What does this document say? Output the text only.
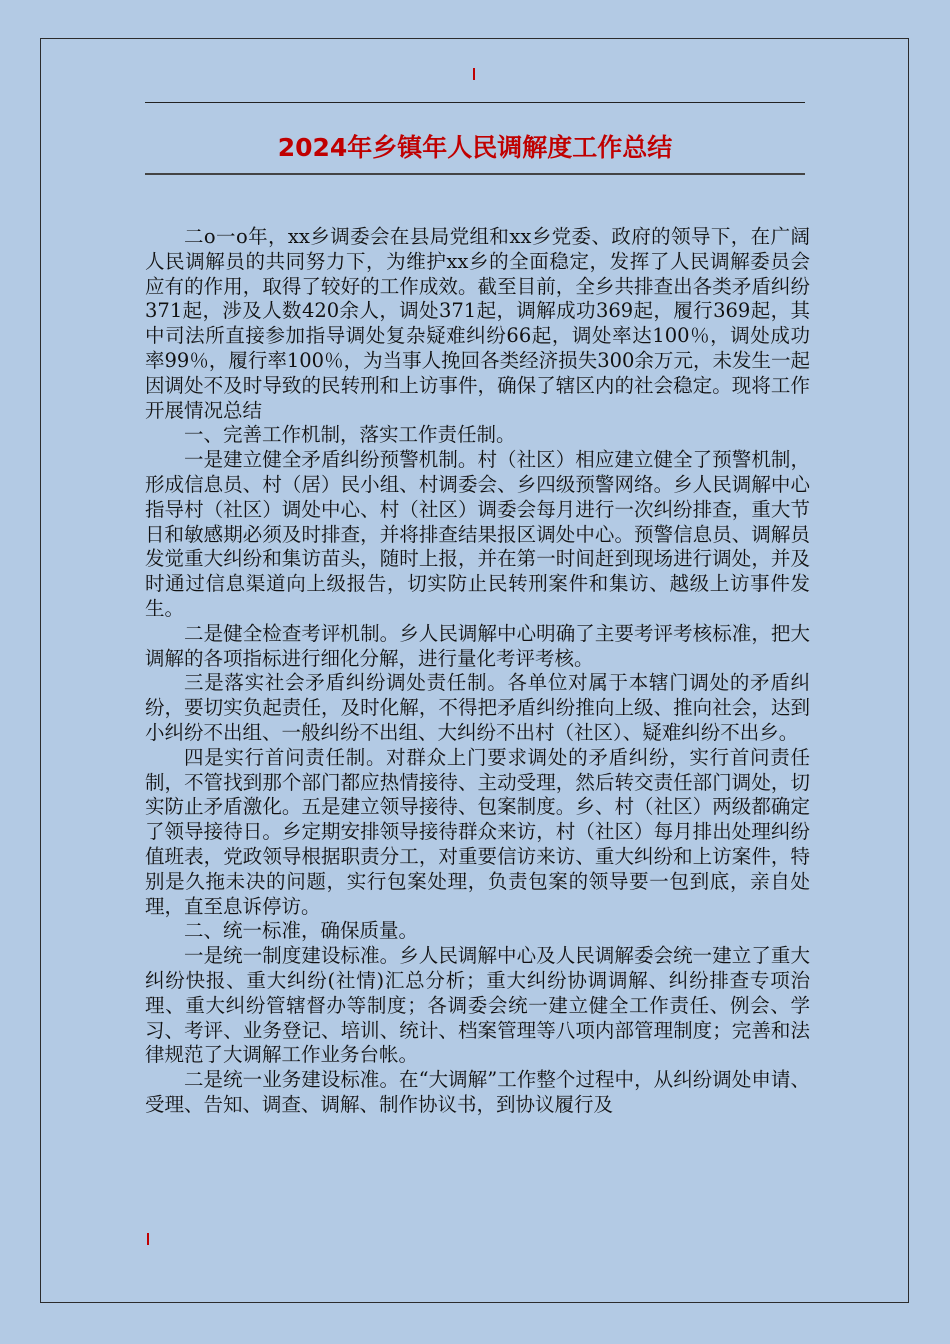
2024年乡镇年人民调解度工作总结

二o一o年，xx乡调委会在县局党组和xx乡党委、政府的领导下，在广阔人民调解员的共同努力下，为维护xx乡的全面稳定，发挥了人民调解委员会应有的作用，取得了较好的工作成效。截至目前，全乡共排查出各类矛盾纠纷371起，涉及人数420余人，调处371起，调解成功369起，履行369起，其中司法所直接参加指导调处复杂疑难纠纷66起，调处率达100％，调处成功率99％，履行率100％，为当事人挽回各类经济损失300余万元，未发生一起因调处不及时导致的民转刑和上访事件，确保了辖区内的社会稳定。现将工作开展情况总结

一、完善工作机制，落实工作责任制。

一是建立健全矛盾纠纷预警机制。村（社区）相应建立健全了预警机制，形成信息员、村（居）民小组、村调委会、乡四级预警网络。乡人民调解中心指导村（社区）调处中心、村（社区）调委会每月进行一次纠纷排查，重大节日和敏感期必须及时排查，并将排查结果报区调处中心。预警信息员、调解员发觉重大纠纷和集访苗头，随时上报，并在第一时间赶到现场进行调处，并及时通过信息渠道向上级报告，切实防止民转刑案件和集访、越级上访事件发生。

二是健全检查考评机制。乡人民调解中心明确了主要考评考核标准，把大调解的各项指标进行细化分解，进行量化考评考核。

三是落实社会矛盾纠纷调处责任制。各单位对属于本辖门调处的矛盾纠纷，要切实负起责任，及时化解，不得把矛盾纠纷推向上级、推向社会，达到小纠纷不出组、一般纠纷不出组、大纠纷不出村（社区）、疑难纠纷不出乡。

四是实行首问责任制。对群众上门要求调处的矛盾纠纷，实行首问责任制，不管找到那个部门都应热情接待、主动受理，然后转交责任部门调处，切实防止矛盾激化。五是建立领导接待、包案制度。乡、村（社区）两级都确定了领导接待日。乡定期安排领导接待群众来访，村（社区）每月排出处理纠纷值班表，党政领导根据职责分工，对重要信访来访、重大纠纷和上访案件，特别是久拖未决的问题，实行包案处理，负责包案的领导要一包到底，亲自处理，直至息诉停访。

二、统一标准，确保质量。

一是统一制度建设标准。乡人民调解中心及人民调解委会统一建立了重大纠纷快报、重大纠纷(社情)汇总分析；重大纠纷协调调解、纠纷排查专项治理、重大纠纷管辖督办等制度；各调委会统一建立健全工作责任、例会、学习、考评、业务登记、培训、统计、档案管理等八项内部管理制度；完善和法律规范了大调解工作业务台帐。

二是统一业务建设标准。在“大调解”工作整个过程中，从纠纷调处申请、受理、告知、调查、调解、制作协议书，到协议履行及
